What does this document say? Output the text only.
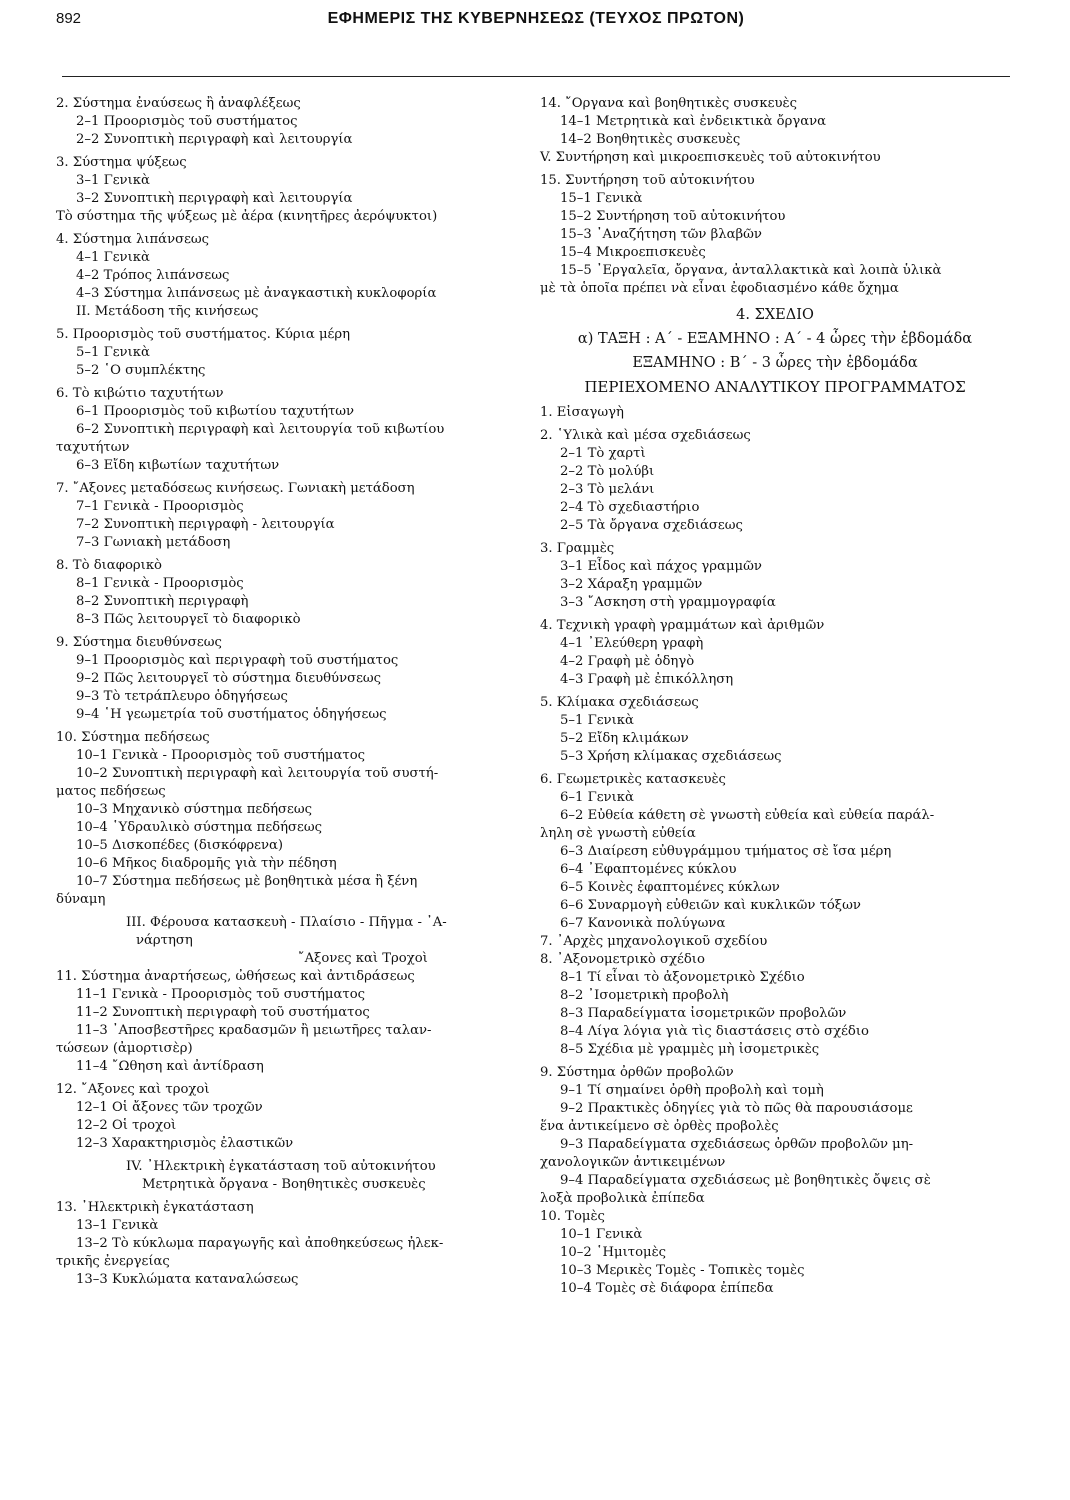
892	ΕΦΗΜΕΡΙΣ ΤΗΣ ΚΥΒΕΡΝΗΣΕΩΣ (ΤΕΥΧΟΣ ΠΡΩΤΟΝ)
2. Σύστημα ἐναύσεως ἢ ἀναφλέξεως
2–1 Προορισμὸς τοῦ συστήματος
2–2 Συνοπτικὴ περιγραφὴ καὶ λειτουργία
3. Σύστημα ψύξεως
3–1 Γενικὰ
3–2 Συνοπτικὴ περιγραφὴ καὶ λειτουργία
Τὸ σύστημα τῆς ψύξεως μὲ ἀέρα (κινητῆρες ἀερόψυκτοι)
4. Σύστημα λιπάνσεως
4–1 Γενικὰ
4–2 Τρόπος λιπάνσεως
4–3 Σύστημα λιπάνσεως μὲ ἀναγκαστικὴ κυκλοφορία
II. Μετάδοση τῆς κινήσεως
5. Προορισμὸς τοῦ συστήματος. Κύρια μέρη
5–1 Γενικὰ
5–2 ῾Ο συμπλέκτης
6. Τὸ κιβώτιο ταχυτήτων
6–1 Προορισμὸς τοῦ κιβωτίου ταχυτήτων
6–2 Συνοπτικὴ περιγραφὴ καὶ λειτουργία τοῦ κιβωτίου
ταχυτήτων
6–3 Εἴδη κιβωτίων ταχυτήτων
7. ῎Αξονες μεταδόσεως κινήσεως. Γωνιακὴ μετάδοση
7–1 Γενικὰ - Προορισμὸς
7–2 Συνοπτικὴ περιγραφὴ - λειτουργία
7–3 Γωνιακὴ μετάδοση
8. Τὸ διαφορικὸ
8–1 Γενικὰ - Προορισμὸς
8–2 Συνοπτικὴ περιγραφὴ
8–3 Πῶς λειτουργεῖ τὸ διαφορικὸ
9. Σύστημα διευθύνσεως
9–1 Προορισμὸς καὶ περιγραφὴ τοῦ συστήματος
9–2 Πῶς λειτουργεῖ τὸ σύστημα διευθύνσεως
9–3 Τὸ τετράπλευρο ὁδηγήσεως
9–4 ῾Η γεωμετρία τοῦ συστήματος ὁδηγήσεως
10. Σύστημα πεδήσεως
10–1 Γενικὰ - Προορισμὸς τοῦ συστήματος
10–2 Συνοπτικὴ περιγραφὴ καὶ λειτουργία τοῦ συστή-
ματος πεδήσεως
10–3 Μηχανικὸ σύστημα πεδήσεως
10–4 ῾Υδραυλικὸ σύστημα πεδήσεως
10–5 Δισκοπέδες (δισκόφρενα)
10–6 Μῆκος διαδρομῆς γιὰ τὴν πέδηση
10–7 Σύστημα πεδήσεως μὲ βοηθητικὰ μέσα ἢ ξένη
δύναμη
III. Φέρουσα κατασκευὴ - Πλαίσιο - Πῆγμα - ᾿Α-
νάρτηση
῎Αξονες καὶ Τροχοὶ
11. Σύστημα ἀναρτήσεως, ὠθήσεως καὶ ἀντιδράσεως
11–1 Γενικὰ - Προορισμὸς τοῦ συστήματος
11–2 Συνοπτικὴ περιγραφὴ τοῦ συστήματος
11–3 ᾿Αποσβεστῆρες κραδασμῶν ἢ μειωτῆρες ταλαν-
τώσεων (ἀμορτισὲρ)
11–4 ῎Ωθηση καὶ ἀντίδραση
12. ῎Αξονες καὶ τροχοὶ
12–1 Οἱ ἄξονες τῶν τροχῶν
12–2 Οἱ τροχοὶ
12–3 Χαρακτηρισμὸς ἐλαστικῶν
IV. ᾿Ηλεκτρικὴ ἐγκατάσταση τοῦ αὐτοκινήτου
Μετρητικὰ ὄργανα - Βοηθητικὲς συσκευὲς
13. ᾿Ηλεκτρικὴ ἐγκατάσταση
13–1 Γενικὰ
13–2 Τὸ κύκλωμα παραγωγῆς καὶ ἀποθηκεύσεως ἠλεκ-
τρικῆς ἐνεργείας
13–3 Κυκλώματα καταναλώσεως
14. ῎Οργανα καὶ βοηθητικὲς συσκευὲς
14–1 Μετρητικὰ καὶ ἐνδεικτικὰ ὄργανα
14–2 Βοηθητικὲς συσκευὲς
V. Συντήρηση καὶ μικροεπισκευὲς τοῦ αὐτοκινήτου
15. Συντήρηση τοῦ αὐτοκινήτου
15–1 Γενικὰ
15–2 Συντήρηση τοῦ αὐτοκινήτου
15–3 ᾿Αναζήτηση τῶν βλαβῶν
15–4 Μικροεπισκευὲς
15–5 ᾿Εργαλεῖα, ὄργανα, ἀνταλλακτικὰ καὶ λοιπὰ ὑλικὰ
μὲ τὰ ὁποῖα πρέπει νὰ εἶναι ἐφοδιασμένο κάθε ὄχημα
4. ΣΧΕΔΙΟ
α) ΤΑΞΗ : Α΄ - ΕΞΑΜΗΝΟ : Α΄ - 4 ὧρες τὴν ἑβδομάδα
ΕΞΑΜΗΝΟ : Β΄ - 3 ὧρες τὴν ἑβδομάδα
ΠΕΡΙΕΧΟΜΕΝΟ ΑΝΑΛΥΤΙΚΟΥ ΠΡΟΓΡΑΜΜΑΤΟΣ
1. Εἰσαγωγὴ
2. ῾Υλικὰ καὶ μέσα σχεδιάσεως
2–1 Τὸ χαρτὶ
2–2 Τὸ μολύβι
2–3 Τὸ μελάνι
2–4 Τὸ σχεδιαστήριο
2–5 Τὰ ὄργανα σχεδιάσεως
3. Γραμμὲς
3–1 Εἶδος καὶ πάχος γραμμῶν
3–2 Χάραξη γραμμῶν
3–3 ῎Ασκηση στὴ γραμμογραφία
4. Τεχνικὴ γραφὴ γραμμάτων καὶ ἀριθμῶν
4–1 ᾿Ελεύθερη γραφὴ
4–2 Γραφὴ μὲ ὁδηγὸ
4–3 Γραφὴ μὲ ἐπικόλληση
5. Κλίμακα σχεδιάσεως
5–1 Γενικὰ
5–2 Εἴδη κλιμάκων
5–3 Χρήση κλίμακας σχεδιάσεως
6. Γεωμετρικὲς κατασκευὲς
6–1 Γενικὰ
6–2 Εὐθεία κάθετη σὲ γνωστὴ εὐθεία καὶ εὐθεία παράλ-
ληλη σὲ γνωστὴ εὐθεία
6–3 Διαίρεση εὐθυγράμμου τμήματος σὲ ἴσα μέρη
6–4 ᾿Εφαπτομένες κύκλου
6–5 Κοινὲς ἐφαπτομένες κύκλων
6–6 Συναρμογὴ εὐθειῶν καὶ κυκλικῶν τόξων
6–7 Κανονικὰ πολύγωνα
7. ᾿Αρχὲς μηχανολογικοῦ σχεδίου
8. ᾿Αξονομετρικὸ σχέδιο
8–1 Τί εἶναι τὸ ἀξονομετρικὸ Σχέδιο
8–2 ᾿Ισομετρικὴ προβολὴ
8–3 Παραδείγματα ἰσομετρικῶν προβολῶν
8–4 Λίγα λόγια γιὰ τὶς διαστάσεις στὸ σχέδιο
8–5 Σχέδια μὲ γραμμὲς μὴ ἰσομετρικὲς
9. Σύστημα ὀρθῶν προβολῶν
9–1 Τί σημαίνει ὀρθὴ προβολὴ καὶ τομὴ
9–2 Πρακτικὲς ὁδηγίες γιὰ τὸ πῶς θὰ παρουσιάσομε
ἕνα ἀντικείμενο σὲ ὀρθὲς προβολὲς
9–3 Παραδείγματα σχεδιάσεως ὀρθῶν προβολῶν μη-
χανολογικῶν ἀντικειμένων
9–4 Παραδείγματα σχεδιάσεως μὲ βοηθητικὲς ὄψεις σὲ
λοξὰ προβολικὰ ἐπίπεδα
10. Τομὲς
10–1 Γενικὰ
10–2 ῾Ημιτομὲς
10–3 Μερικὲς Τομὲς - Τοπικὲς τομὲς
10–4 Τομὲς σὲ διάφορα ἐπίπεδα
